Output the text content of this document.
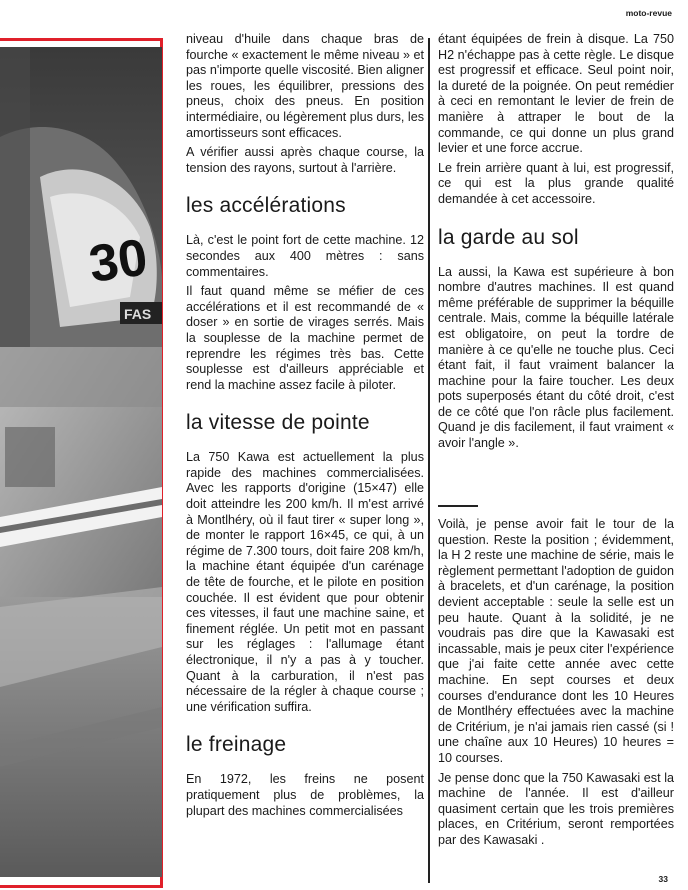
moto-revue
30
FAS

niveau d'huile dans chaque bras de fourche « exactement le même niveau » et pas n'importe quelle viscosité. Bien aligner les roues, les équilibrer, pressions des pneus, choix des pneus. En position intermédiaire, ou légèrement plus durs, les amortisseurs sont efficaces.

A vérifier aussi après chaque course, la tension des rayons, surtout à l'arrière.

les accélérations

Là, c'est le point fort de cette machine. 12 secondes aux 400 mètres : sans commentaires.

Il faut quand même se méfier de ces accélérations et il est recommandé de « doser » en sortie de virages serrés. Mais la souplesse de la machine permet de reprendre les régimes très bas. Cette souplesse est d'ailleurs appréciable et rend la machine assez facile à piloter.

la vitesse de pointe

La 750 Kawa est actuellement la plus rapide des machines commercialisées. Avec les rapports d'origine (15×47) elle doit atteindre les 200 km/h. Il m'est arrivé à Montlhéry, où il faut tirer « super long », de monter le rapport 16×45, ce qui, à un régime de 7.300 tours, doit faire 208 km/h, la machine étant équipée d'un carénage de tête de fourche, et le pilote en position couchée. Il est évident que pour obtenir ces vitesses, il faut une machine saine, et finement réglée. Un petit mot en passant sur les réglages : l'allumage étant électronique, il n'y a pas à y toucher. Quant à la carburation, il n'est pas nécessaire de la régler à chaque course ; une vérification suffira.

le freinage

En 1972, les freins ne posent pratiquement plus de problèmes, la plupart des machines commercialisées

étant équipées de frein à disque. La 750 H2 n'échappe pas à cette règle. Le disque est progressif et efficace. Seul point noir, la dureté de la poignée. On peut remédier à ceci en remontant le levier de frein de manière à attraper le bout de la commande, ce qui donne un plus grand levier et une force accrue.

Le frein arrière quant à lui, est progressif, ce qui est la plus grande qualité demandée à cet accessoire.

la garde au sol

La aussi, la Kawa est supérieure à bon nombre d'autres machines. Il est quand même préférable de supprimer la béquille centrale. Mais, comme la béquille latérale est obligatoire, on peut la tordre de manière à ce qu'elle ne touche plus. Ceci étant fait, il faut vraiment balancer la machine pour la faire toucher. Les deux pots superposés étant du côté droit, c'est de ce côté que l'on râcle plus facilement. Quand je dis facilement, il faut vraiment « avoir l'angle ».

Voilà, je pense avoir fait le tour de la question. Reste la position ; évidemment, la H 2 reste une machine de série, mais le règlement permettant l'adoption de guidon à bracelets, et d'un carénage, la position devient acceptable : seule la selle est un peu haute. Quant à la solidité, je ne voudrais pas dire que la Kawasaki est incassable, mais je peux citer l'expérience que j'ai faite cette année avec cette machine. En sept courses et deux courses d'endurance dont les 10 Heures de Montlhéry effectuées avec la machine de Critérium, je n'ai jamais rien cassé (si ! une chaîne aux 10 Heures) 10 heures = 10 courses.

Je pense donc que la 750 Kawasaki est la machine de l'année. Il est d'ailleur quasiment certain que les trois premières places, en Critérium, seront remportées par des Kawasaki .

33
